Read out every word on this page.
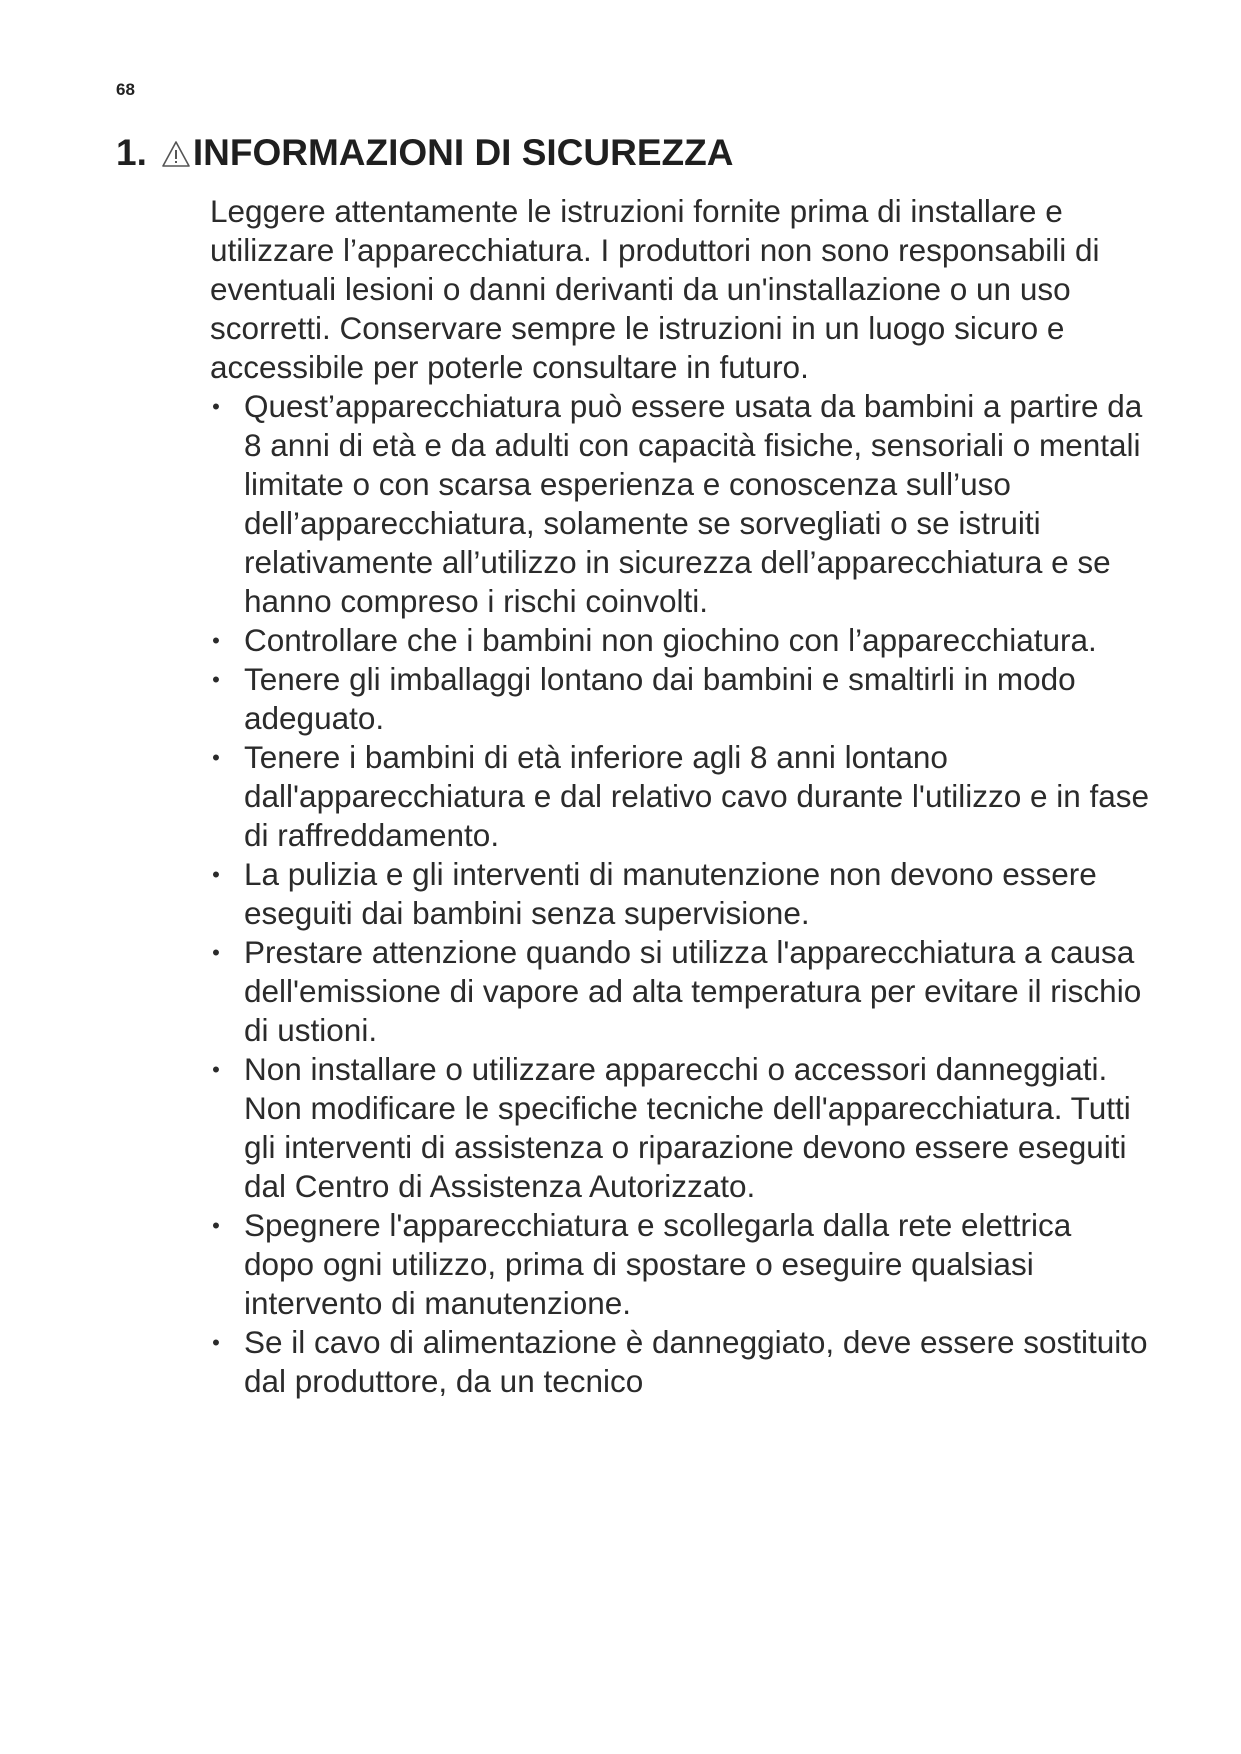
68
1. INFORMAZIONI DI SICUREZZA

Leggere attentamente le istruzioni fornite prima di installare e utilizzare l’apparecchiatura. I produttori non sono responsabili di eventuali lesioni o danni derivanti da un'installazione o un uso scorretti. Conservare sempre le istruzioni in un luogo sicuro e accessibile per poterle consultare in futuro.

• Quest’apparecchiatura può essere usata da bambini a partire da 8 anni di età e da adulti con capacità fisiche, sensoriali o mentali limitate o con scarsa esperienza e conoscenza sull’uso dell’apparecchiatura, solamente se sorvegliati o se istruiti relativamente all’utilizzo in sicurezza dell’apparecchiatura e se hanno compreso i rischi coinvolti.
• Controllare che i bambini non giochino con l’apparecchiatura.
• Tenere gli imballaggi lontano dai bambini e smaltirli in modo adeguato.
• Tenere i bambini di età inferiore agli 8 anni lontano dall'apparecchiatura e dal relativo cavo durante l'utilizzo e in fase di raffreddamento.
• La pulizia e gli interventi di manutenzione non devono essere eseguiti dai bambini senza supervisione.
• Prestare attenzione quando si utilizza l'apparecchiatura a causa dell'emissione di vapore ad alta temperatura per evitare il rischio di ustioni.
• Non installare o utilizzare apparecchi o accessori danneggiati. Non modificare le specifiche tecniche dell'apparecchiatura. Tutti gli interventi di assistenza o riparazione devono essere eseguiti dal Centro di Assistenza Autorizzato.
• Spegnere l'apparecchiatura e scollegarla dalla rete elettrica dopo ogni utilizzo, prima di spostare o eseguire qualsiasi intervento di manutenzione.
• Se il cavo di alimentazione è danneggiato, deve essere sostituito dal produttore, da un tecnico
